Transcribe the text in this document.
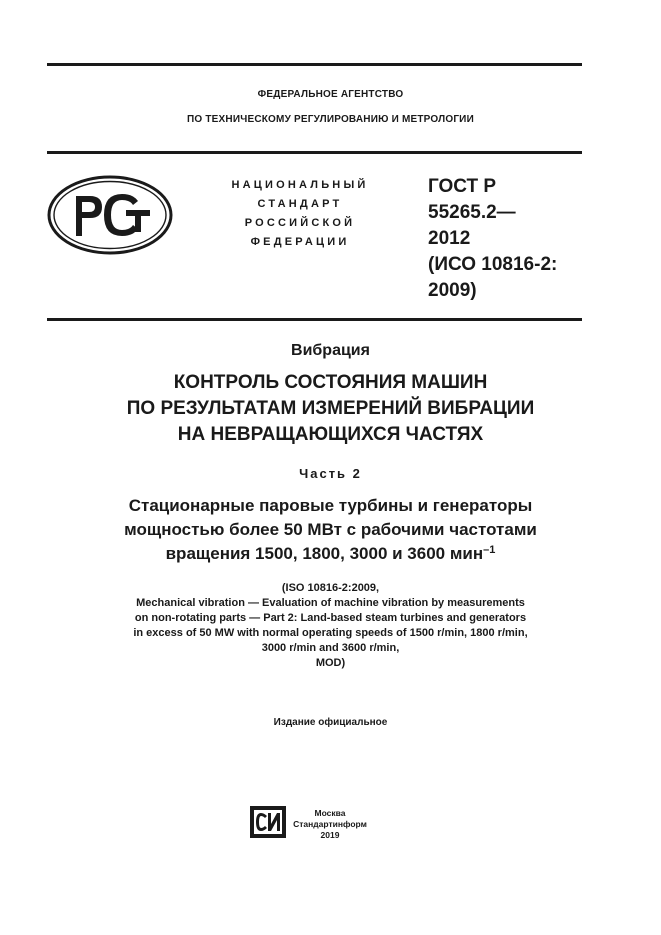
ФЕДЕРАЛЬНОЕ АГЕНТСТВО
ПО ТЕХНИЧЕСКОМУ РЕГУЛИРОВАНИЮ И МЕТРОЛОГИИ
НАЦИОНАЛЬНЫЙ
СТАНДАРТ
РОССИЙСКОЙ
ФЕДЕРАЦИИ
ГОСТ Р
55265.2—
2012
(ИСО 10816-2:
2009)
Вибрация
КОНТРОЛЬ СОСТОЯНИЯ МАШИН
ПО РЕЗУЛЬТАТАМ ИЗМЕРЕНИЙ ВИБРАЦИИ
НА НЕВРАЩАЮЩИХСЯ ЧАСТЯХ
Часть 2
Стационарные паровые турбины и генераторы
мощностью более 50 МВт с рабочими частотами
вращения 1500, 1800, 3000 и 3600 мин$^{-1}$
(ISO 10816-2:2009,
Mechanical vibration — Evaluation of machine vibration by measurements
on non-rotating parts — Part 2: Land-based steam turbines and generators
in excess of 50 MW with normal operating speeds of 1500 r/min, 1800 r/min,
3000 r/min and 3600 r/min,
MOD)
Издание официальное
Москва
Стандартинформ
2019
